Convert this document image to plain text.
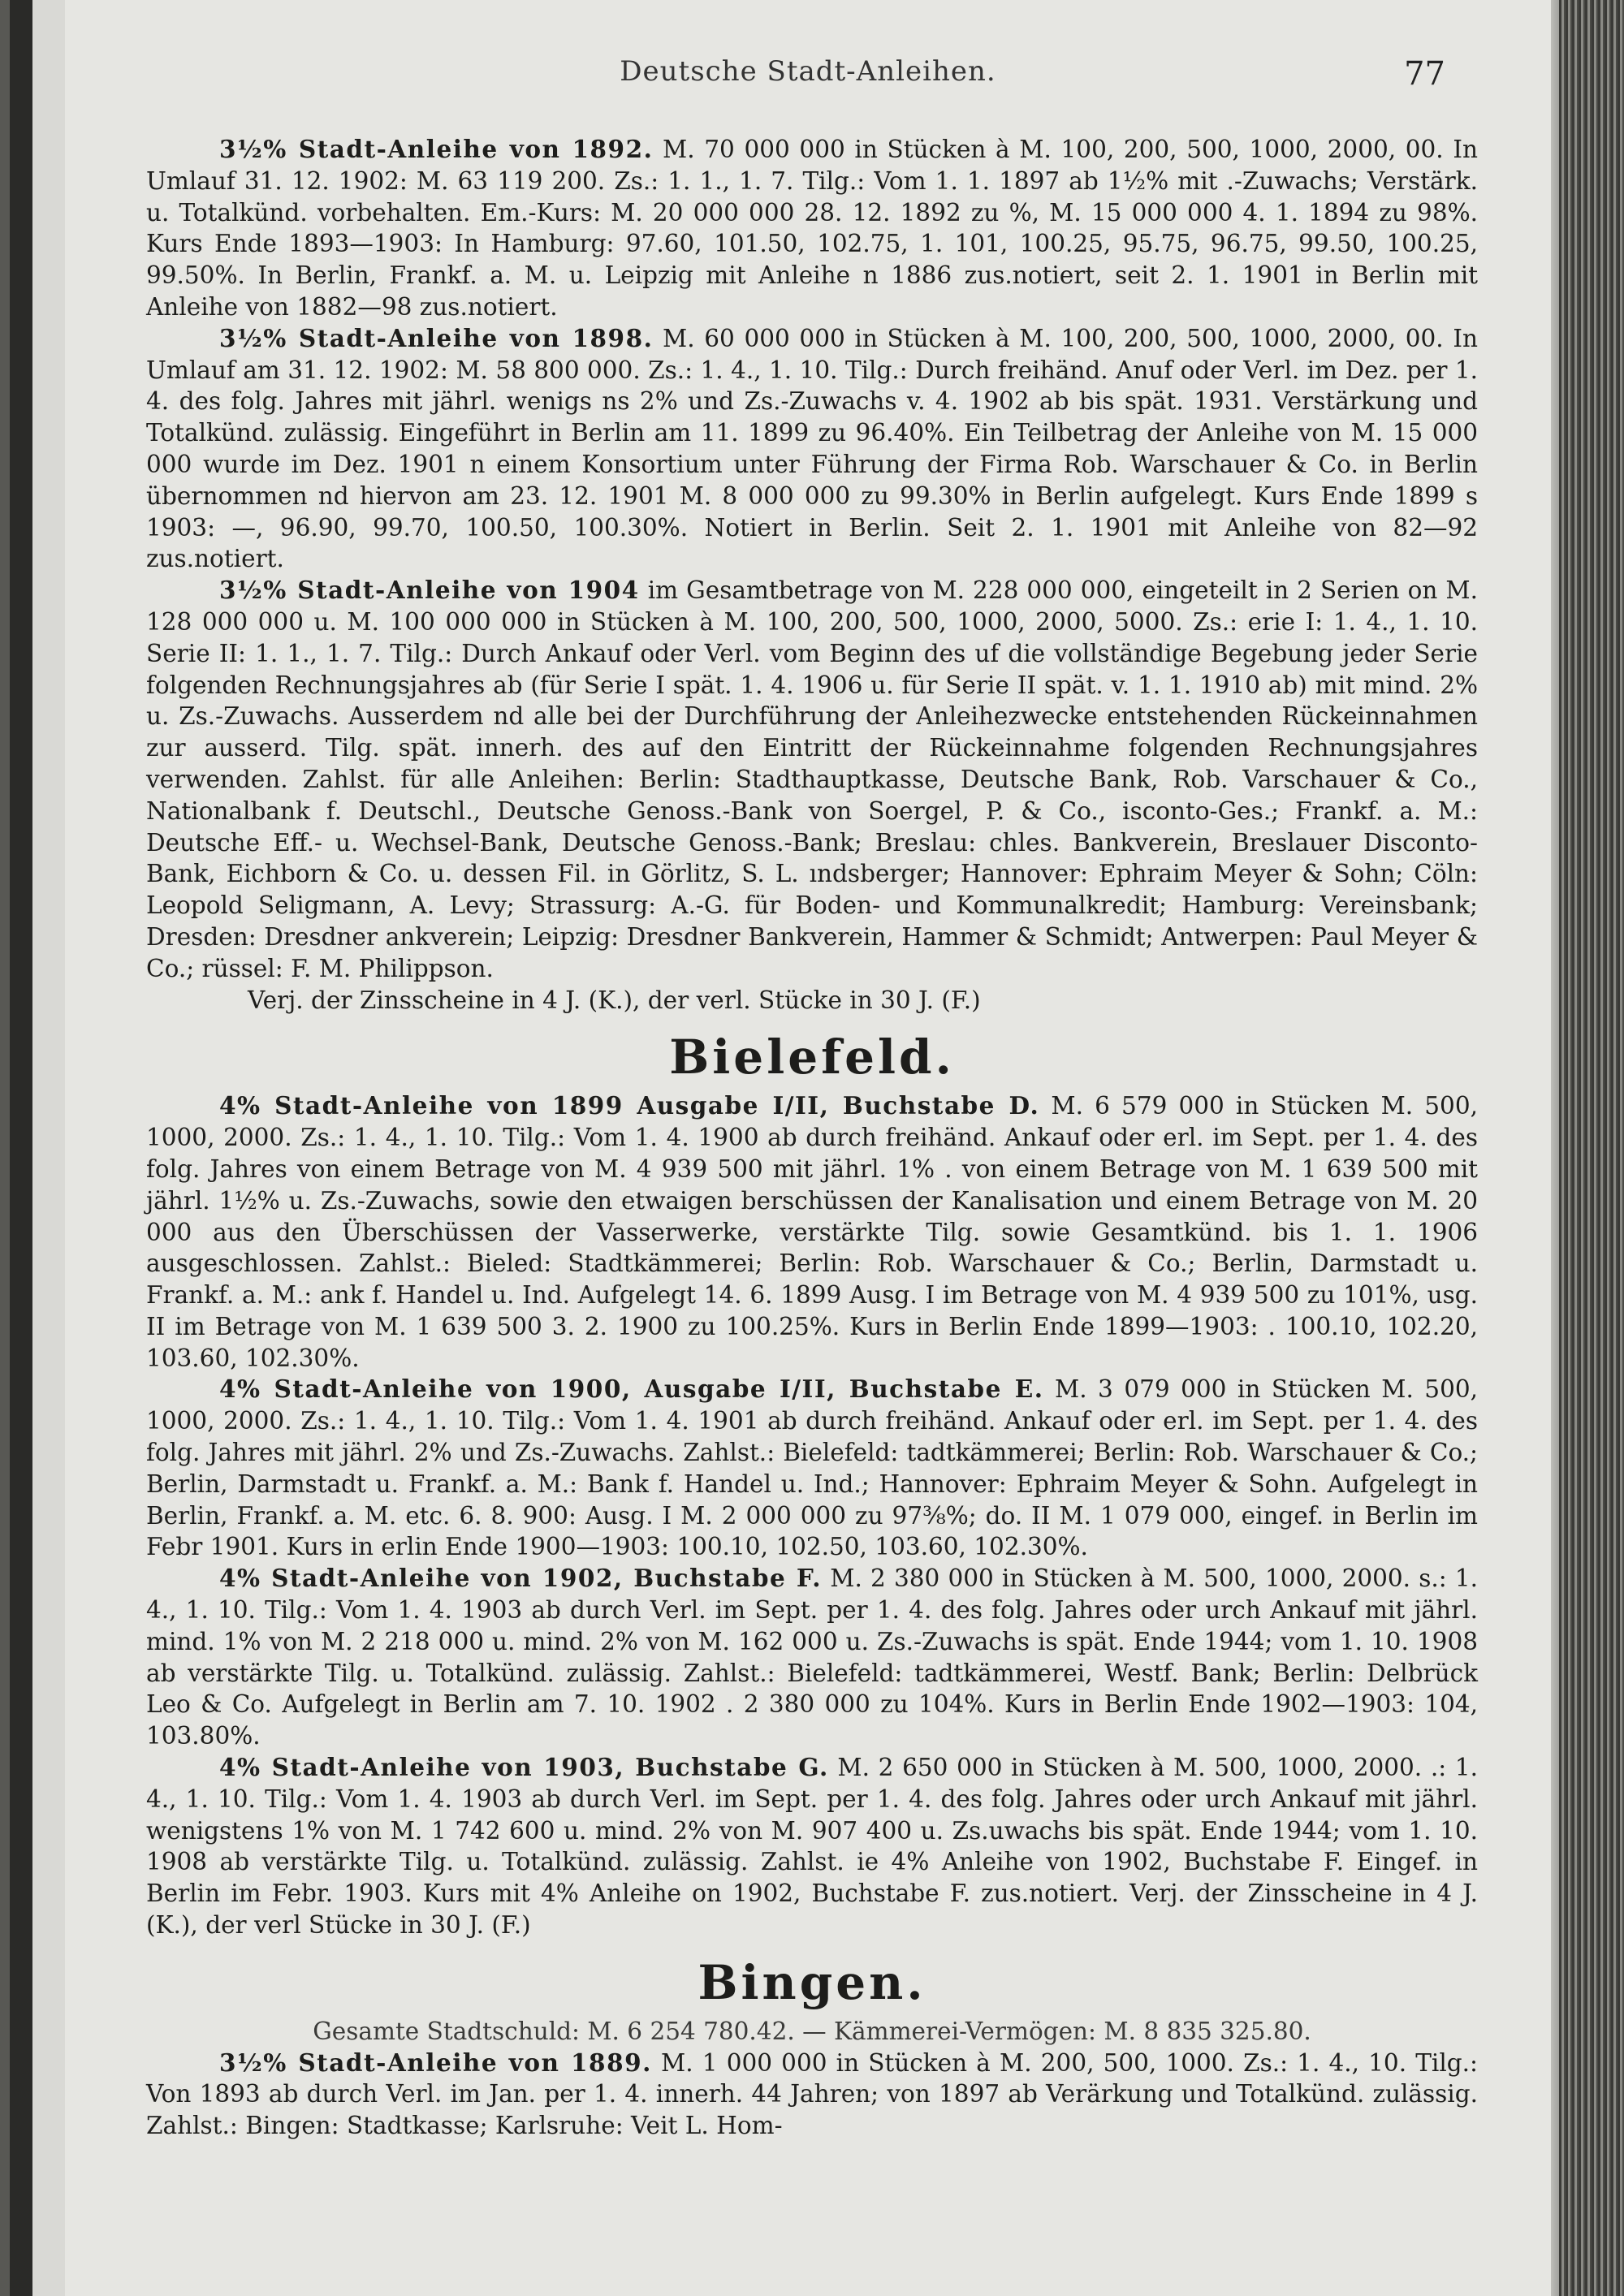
Deutsche Stadt-Anleihen.	77

3½% Stadt-Anleihe von 1892. M. 70 000 000 in Stücken à M. 100, 200, 500, 1000, 2000, 00. In Umlauf 31. 12. 1902: M. 63 119 200. Zs.: 1. 1., 1. 7. Tilg.: Vom 1. 1. 1897 ab 1½% mit .-Zuwachs; Verstärk. u. Totalkünd. vorbehalten. Em.-Kurs: M. 20 000 000 28. 12. 1892 zu %, M. 15 000 000 4. 1. 1894 zu 98%. Kurs Ende 1893—1903: In Hamburg: 97.60, 101.50, 102.75, 1. 101, 100.25, 95.75, 96.75, 99.50, 100.25, 99.50%. In Berlin, Frankf. a. M. u. Leipzig mit Anleihe n 1886 zus.notiert, seit 2. 1. 1901 in Berlin mit Anleihe von 1882—98 zus.notiert.

3½% Stadt-Anleihe von 1898. M. 60 000 000 in Stücken à M. 100, 200, 500, 1000, 2000, 00. In Umlauf am 31. 12. 1902: M. 58 800 000. Zs.: 1. 4., 1. 10. Tilg.: Durch freihänd. Anuf oder Verl. im Dez. per 1. 4. des folg. Jahres mit jährl. wenigs ns 2% und Zs.-Zuwachs v. 4. 1902 ab bis spät. 1931. Verstärkung und Totalkünd. zulässig. Eingeführt in Berlin am 11. 1899 zu 96.40%. Ein Teilbetrag der Anleihe von M. 15 000 000 wurde im Dez. 1901 n einem Konsortium unter Führung der Firma Rob. Warschauer & Co. in Berlin übernommen nd hiervon am 23. 12. 1901 M. 8 000 000 zu 99.30% in Berlin aufgelegt. Kurs Ende 1899 s 1903: —, 96.90, 99.70, 100.50, 100.30%. Notiert in Berlin. Seit 2. 1. 1901 mit Anleihe von 82—92 zus.notiert.

3½% Stadt-Anleihe von 1904 im Gesamtbetrage von M. 228 000 000, eingeteilt in 2 Serien on M. 128 000 000 u. M. 100 000 000 in Stücken à M. 100, 200, 500, 1000, 2000, 5000. Zs.: erie I: 1. 4., 1. 10. Serie II: 1. 1., 1. 7. Tilg.: Durch Ankauf oder Verl. vom Beginn des uf die vollständige Begebung jeder Serie folgenden Rechnungsjahres ab (für Serie I spät. 1. 4. 1906 u. für Serie II spät. v. 1. 1. 1910 ab) mit mind. 2% u. Zs.-Zuwachs. Ausserdem nd alle bei der Durchführung der Anleihezwecke entstehenden Rückeinnahmen zur ausserd. Tilg. spät. innerh. des auf den Eintritt der Rückeinnahme folgenden Rechnungsjahres verwenden. Zahlst. für alle Anleihen: Berlin: Stadthauptkasse, Deutsche Bank, Rob. Varschauer & Co., Nationalbank f. Deutschl., Deutsche Genoss.-Bank von Soergel, P. & Co., isconto-Ges.; Frankf. a. M.: Deutsche Eff.- u. Wechsel-Bank, Deutsche Genoss.-Bank; Breslau: chles. Bankverein, Breslauer Disconto-Bank, Eichborn & Co. u. dessen Fil. in Görlitz, S. L. ındsberger; Hannover: Ephraim Meyer & Sohn; Cöln: Leopold Seligmann, A. Levy; Strassurg: A.-G. für Boden- und Kommunalkredit; Hamburg: Vereinsbank; Dresden: Dresdner ankverein; Leipzig: Dresdner Bankverein, Hammer & Schmidt; Antwerpen: Paul Meyer & Co.; rüssel: F. M. Philippson.

Verj. der Zinsscheine in 4 J. (K.), der verl. Stücke in 30 J. (F.)

Bielefeld.

4% Stadt-Anleihe von 1899 Ausgabe I/II, Buchstabe D. M. 6 579 000 in Stücken M. 500, 1000, 2000. Zs.: 1. 4., 1. 10. Tilg.: Vom 1. 4. 1900 ab durch freihänd. Ankauf oder erl. im Sept. per 1. 4. des folg. Jahres von einem Betrage von M. 4 939 500 mit jährl. 1% . von einem Betrage von M. 1 639 500 mit jährl. 1½% u. Zs.-Zuwachs, sowie den etwaigen berschüssen der Kanalisation und einem Betrage von M. 20 000 aus den Überschüssen der Vasserwerke, verstärkte Tilg. sowie Gesamtkünd. bis 1. 1. 1906 ausgeschlossen. Zahlst.: Bieled: Stadtkämmerei; Berlin: Rob. Warschauer & Co.; Berlin, Darmstadt u. Frankf. a. M.: ank f. Handel u. Ind. Aufgelegt 14. 6. 1899 Ausg. I im Betrage von M. 4 939 500 zu 101%, usg. II im Betrage von M. 1 639 500 3. 2. 1900 zu 100.25%. Kurs in Berlin Ende 1899—1903: . 100.10, 102.20, 103.60, 102.30%.

4% Stadt-Anleihe von 1900, Ausgabe I/II, Buchstabe E. M. 3 079 000 in Stücken M. 500, 1000, 2000. Zs.: 1. 4., 1. 10. Tilg.: Vom 1. 4. 1901 ab durch freihänd. Ankauf oder erl. im Sept. per 1. 4. des folg. Jahres mit jährl. 2% und Zs.-Zuwachs. Zahlst.: Bielefeld: tadtkämmerei; Berlin: Rob. Warschauer & Co.; Berlin, Darmstadt u. Frankf. a. M.: Bank f. Handel u. Ind.; Hannover: Ephraim Meyer & Sohn. Aufgelegt in Berlin, Frankf. a. M. etc. 6. 8. 900: Ausg. I M. 2 000 000 zu 97⅜%; do. II M. 1 079 000, eingef. in Berlin im Febr 1901. Kurs in erlin Ende 1900—1903: 100.10, 102.50, 103.60, 102.30%.

4% Stadt-Anleihe von 1902, Buchstabe F. M. 2 380 000 in Stücken à M. 500, 1000, 2000. s.: 1. 4., 1. 10. Tilg.: Vom 1. 4. 1903 ab durch Verl. im Sept. per 1. 4. des folg. Jahres oder urch Ankauf mit jährl. mind. 1% von M. 2 218 000 u. mind. 2% von M. 162 000 u. Zs.-Zuwachs is spät. Ende 1944; vom 1. 10. 1908 ab verstärkte Tilg. u. Totalkünd. zulässig. Zahlst.: Bielefeld: tadtkämmerei, Westf. Bank; Berlin: Delbrück Leo & Co. Aufgelegt in Berlin am 7. 10. 1902 . 2 380 000 zu 104%. Kurs in Berlin Ende 1902—1903: 104, 103.80%.

4% Stadt-Anleihe von 1903, Buchstabe G. M. 2 650 000 in Stücken à M. 500, 1000, 2000. .: 1. 4., 1. 10. Tilg.: Vom 1. 4. 1903 ab durch Verl. im Sept. per 1. 4. des folg. Jahres oder urch Ankauf mit jährl. wenigstens 1% von M. 1 742 600 u. mind. 2% von M. 907 400 u. Zs.uwachs bis spät. Ende 1944; vom 1. 10. 1908 ab verstärkte Tilg. u. Totalkünd. zulässig. Zahlst. ie 4% Anleihe von 1902, Buchstabe F. Eingef. in Berlin im Febr. 1903. Kurs mit 4% Anleihe on 1902, Buchstabe F. zus.notiert. Verj. der Zinsscheine in 4 J. (K.), der verl Stücke in 30 J. (F.)

Bingen.

Gesamte Stadtschuld: M. 6 254 780.42. — Kämmerei-Vermögen: M. 8 835 325.80.

3½% Stadt-Anleihe von 1889. M. 1 000 000 in Stücken à M. 200, 500, 1000. Zs.: 1. 4., 10. Tilg.: Von 1893 ab durch Verl. im Jan. per 1. 4. innerh. 44 Jahren; von 1897 ab Verärkung und Totalkünd. zulässig. Zahlst.: Bingen: Stadtkasse; Karlsruhe: Veit L. Hom-
